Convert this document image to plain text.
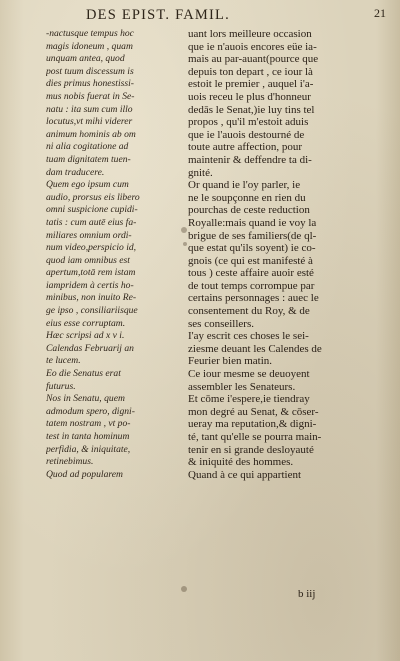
DES EPIST. FAMIL.	21
-nactusque tempus hoc
magis idoneum , quam
unquam antea, quod
post tuum discessum is
dies primus honestissi-
mus nobis fuerat in Se-
natu : ita sum cum illo
locutus,vt mihi viderer
animum hominis ab om
ni alia cogitatione ad
tuam dignitatem tuen-
dam traducere.
Quem ego ipsum cum
audio, prorsus eis libero
omni suspicione cupidi-
tatis : cum autē eius fa-
miliares omnium ordi-
num video,perspicio id,
quod iam omnibus est
apertum,totā rem istam
iampridem à certis ho-
minibus, non inuito Re-
ge ipso , consiliariisque
eius esse corruptam.
Hæc scripsi ad x v i.
Calendas Februarij an
te lucem.
Eo die Senatus erat
futurus.
Nos in Senatu, quem
admodum spero, digni-
tatem nostram , vt po-
test in tanta hominum
perfidia, & iniquitate,
retinebimus.
Quod ad popularem
uant lors meilleure occasion
que ie n'auois encores eüe ia-
mais au par-auant(pource que
depuis ton depart , ce iour là
estoit le premier , auquel i'a-
uois receu le plus d'honneur
dedās le Senat,)ie luy tins tel
propos , qu'il m'estoit aduis
que ie l'auois destourné de
toute autre affection, pour
maintenir & deffendre ta di-
gnité.
Or quand ie l'oy parler, ie
ne le soupçonne en rien du
pourchas de ceste reduction
Royalle:mais quand ie voy la
brigue de ses familiers(de ql-
que estat qu'ils soyent) ie co-
gnois (ce qui est manifesté à
tous ) ceste affaire auoir esté
de tout temps corrompue par
certains personnages : auec le
consentement du Roy, & de
ses conseillers.
I'ay escrit ces choses le sei-
ziesme deuant les Calendes de
Feurier bien matin.
Ce iour mesme se deuoyent
assembler les Senateurs.
Et cōme i'espere,ie tiendray
mon degré au Senat, & cōser-
ueray ma reputation,& digni-
té, tant qu'elle se pourra main-
tenir en si grande desloyauté
& iniquité des hommes.
Quand à ce qui appartient
b iij
